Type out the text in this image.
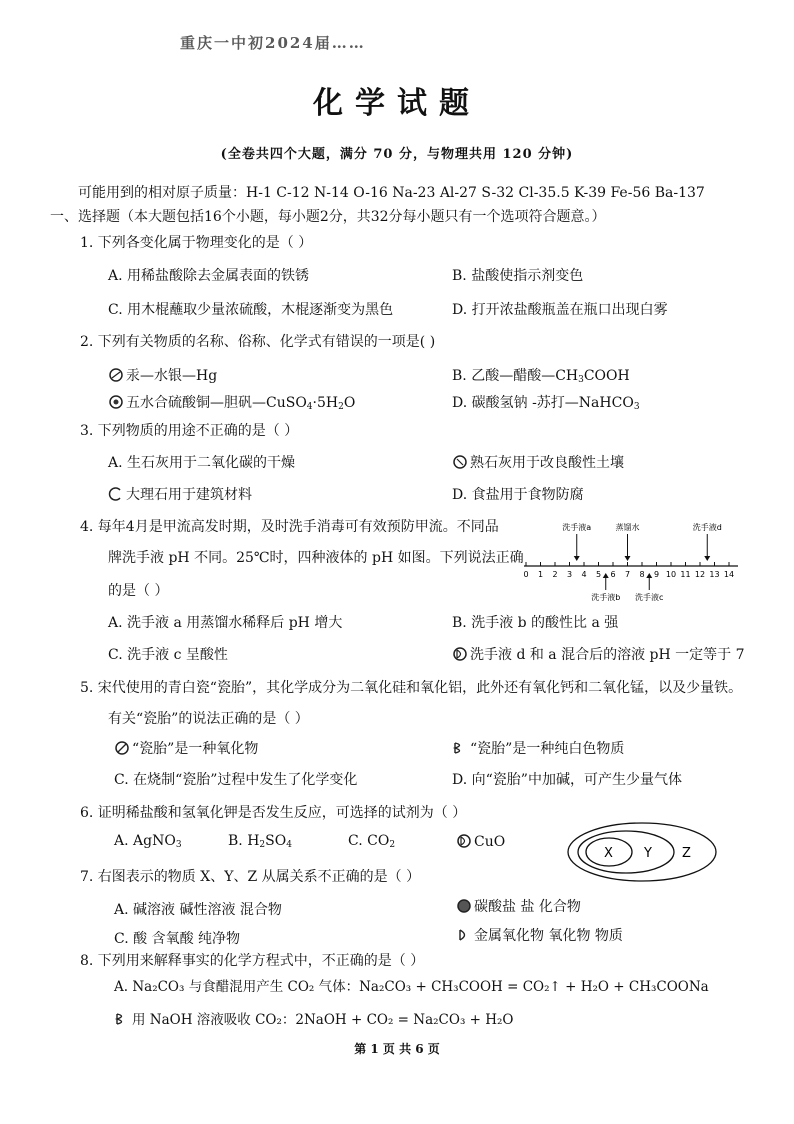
重庆一中初2024届……
化学试题
(全卷共四个大题，满分 70 分，与物理共用 120 分钟)
可能用到的相对原子质量：H-1 C-12 N-14 O-16 Na-23 Al-27 S-32 Cl-35.5 K-39 Fe-56 Ba-137
一、选择题（本大题包括16个小题，每小题2分，共32分每小题只有一个选项符合题意。）
1. 下列各变化属于物理变化的是（ ）
A. 用稀盐酸除去金属表面的铁锈	B. 盐酸使指示剂变色
C. 用木棍蘸取少量浓硫酸，木棍逐渐变为黑色	D. 打开浓盐酸瓶盖在瓶口出现白雾
2. 下列有关物质的名称、俗称、化学式有错误的一项是( )
汞—水银—Hg	B. 乙酸—醋酸$—CH_3COOH$
五水合硫酸铜—胆矾$—CuSO_4\cdot 5H_2O$	D. 碳酸氢钠 -苏打—NaHCO$_3$
3. 下列物质的用途不正确的是（ ）
A. 生石灰用于二氧化碳的干燥	熟石灰用于改良酸性土壤
大理石用于建筑材料	D. 食盐用于食物防腐
4. 每年4月是甲流高发时期，及时洗手消毒可有效预防甲流。不同品
牌洗手液 pH 不同。25℃时，四种液体的 pH 如图。下列说法正确
的是（ ）
0 1 2 3 4 5 6 7 8 9 10 11 12 13 14
洗手液a	蒸馏水	洗手液d
洗手液b 洗手液c
A. 洗手液 a 用蒸馏水稀释后 pH 增大	B. 洗手液 b 的酸性比 a 强
C. 洗手液 c 呈酸性	洗手液 d 和 a 混合后的溶液 pH 一定等于 7
5. 宋代使用的青白瓷“瓷胎”，其化学成分为二氧化硅和氧化铝，此外还有氧化钙和二氧化锰，以及少量铁。
有关“瓷胎”的说法正确的是（ ）
“瓷胎”是一种氧化物	“瓷胎”是一种纯白色物质
C. 在烧制“瓷胎”过程中发生了化学变化	D. 向“瓷胎”中加碱，可产生少量气体
6. 证明稀盐酸和氢氧化钾是否发生反应，可选择的试剂为（ ）
A. AgNO$_3$	B. $H_2SO_4$	C. $CO_2$	CuO
X Y Z
7. 右图表示的物质 X、Y、Z 从属关系不正确的是（ ）
A. 碱溶液 碱性溶液 混合物	碳酸盐 盐 化合物
C. 酸 含氧酸 纯净物	金属氧化物 氧化物 物质
8. 下列用来解释事实的化学方程式中，不正确的是（ ）
A. Na₂CO₃ 与食醋混用产生 CO₂ 气体：Na₂CO₃ + CH₃COOH = CO₂↑ + H₂O + CH₃COONa
用 NaOH 溶液吸收 CO₂：2NaOH + CO₂ = Na₂CO₃ + H₂O
第 1 页 共 6 页
